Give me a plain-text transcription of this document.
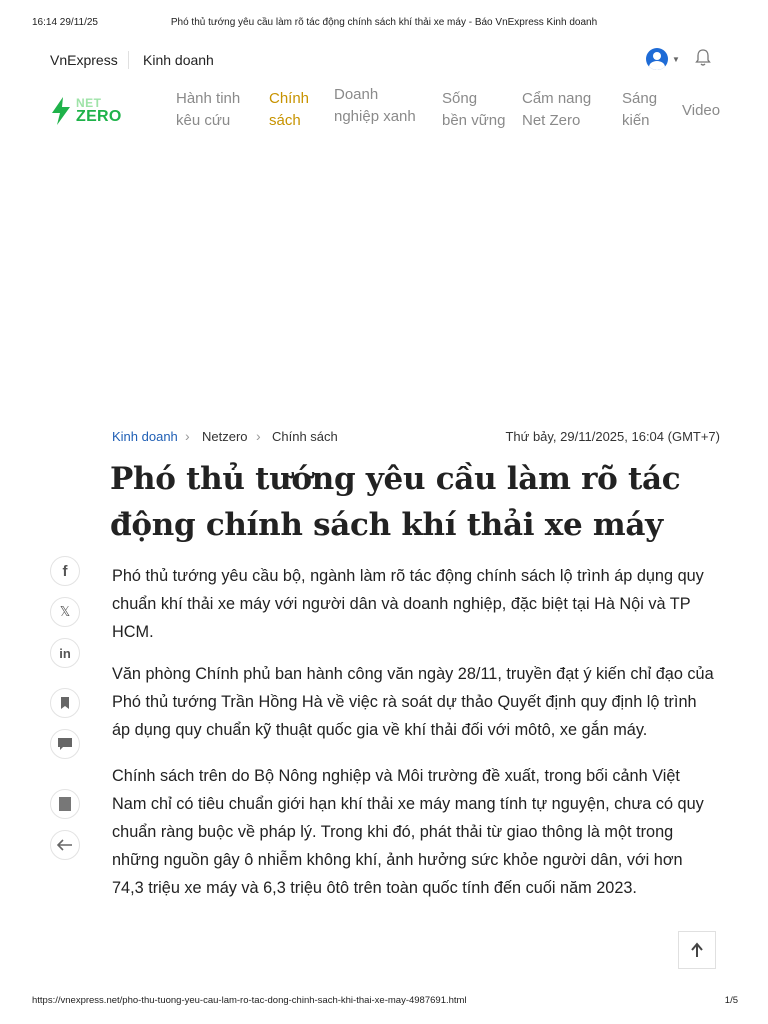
16:14 29/11/25	Phó thủ tướng yêu cầu làm rõ tác động chính sách khí thải xe máy - Báo VnExpress Kinh doanh
VnExpress Kinh doanh	▼
NET
ZERO
Hành tinh
kêu cứu
Chính
sách
Doanh
nghiệp xanh
Sống
bền vững
Cẩm nang
Net Zero
Sáng
kiến
Video
Kinh doanh › Netzero › Chính sách	Thứ bảy, 29/11/2025, 16:04 (GMT+7)
Phó thủ tướng yêu cầu làm rõ tác động chính sách khí thải xe máy
f
𝕏
in

Phó thủ tướng yêu cầu bộ, ngành làm rõ tác động chính sách lộ trình áp dụng quy chuẩn khí thải xe máy với người dân và doanh nghiệp, đặc biệt tại Hà Nội và TP HCM.

Văn phòng Chính phủ ban hành công văn ngày 28/11, truyền đạt ý kiến chỉ đạo của Phó thủ tướng Trần Hồng Hà về việc rà soát dự thảo Quyết định quy định lộ trình áp dụng quy chuẩn kỹ thuật quốc gia về khí thải đối với môtô, xe gắn máy.

Chính sách trên do Bộ Nông nghiệp và Môi trường đề xuất, trong bối cảnh Việt Nam chỉ có tiêu chuẩn giới hạn khí thải xe máy mang tính tự nguyện, chưa có quy chuẩn ràng buộc về pháp lý. Trong khi đó, phát thải từ giao thông là một trong những nguồn gây ô nhiễm không khí, ảnh hưởng sức khỏe người dân, với hơn 74,3 triệu xe máy và 6,3 triệu ôtô trên toàn quốc tính đến cuối năm 2023.

https://vnexpress.net/pho-thu-tuong-yeu-cau-lam-ro-tac-dong-chinh-sach-khi-thai-xe-may-4987691.html	1/5
